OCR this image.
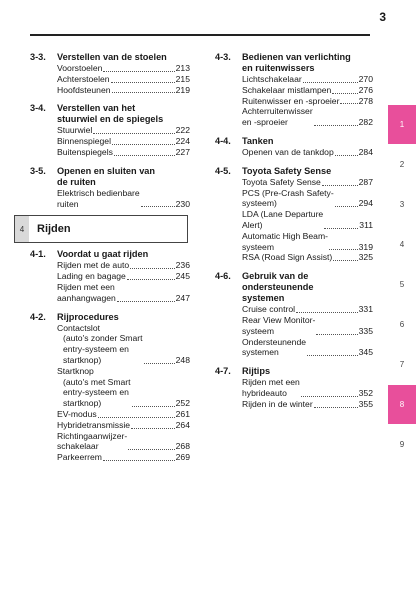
3
3-3.	Verstellen van de stoelen
Voorstoelen	213
Achterstoelen	215
Hoofdsteunen	219
3-4.	Verstellen van het
stuurwiel en de spiegels
Stuurwiel	222
Binnenspiegel	224
Buitenspiegels	227
3-5.	Openen en sluiten van
de ruiten
Elektrisch bedienbare
ruiten	230
4	Rijden
4-1.	Voordat u gaat rijden
Rijden met de auto	236
Lading en bagage	245
Rijden met een
aanhangwagen	247
4-2.	Rijprocedures
Contactslot
(auto's zonder Smart
entry-systeem en
startknop)	248
Startknop
(auto's met Smart
entry-systeem en
startknop)	252
EV-modus	261
Hybridetransmissie	264
Richtingaanwijzer-
schakelaar	268
Parkeerrem	269
4-3.	Bedienen van verlichting
en ruitenwissers
Lichtschakelaar	270
Schakelaar mistlampen	276
Ruitenwisser en -sproeier 278
Achterruitenwisser
en -sproeier	282
4-4.	Tanken
Openen van de tankdop	284
4-5.	Toyota Safety Sense
Toyota Safety Sense	287
PCS (Pre-Crash Safety-
systeem)	294
LDA (Lane Departure
Alert)	311
Automatic High Beam-
systeem	319
RSA (Road Sign Assist)	325
4-6.	Gebruik van de
ondersteunende
systemen
Cruise control	331
Rear View Monitor-
systeem	335
Ondersteunende
systemen	345
4-7.	Rijtips
Rijden met een
hybrideauto	352
Rijden in de winter	355
1
2
3
4
5
6
7
8
9
